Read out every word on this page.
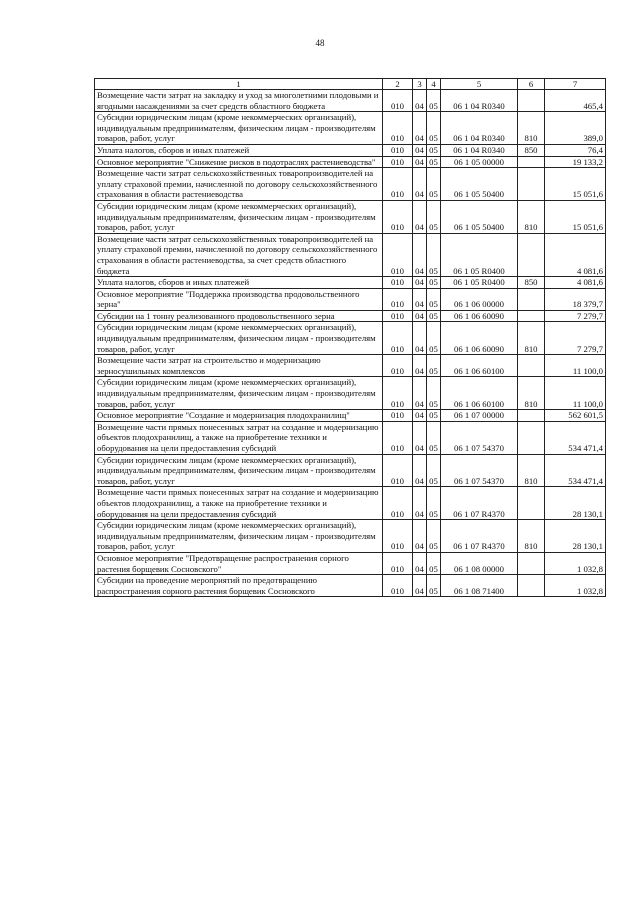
48
1	2	3	4	5	6	7
Возмещение части затрат на закладку и уход за многолетними плодовыми и ягодными насаждениями за счет средств областного бюджета	010	04	05	06 1 04 R0340		465,4
Субсидии юридическим лицам (кроме некоммерческих организаций), индивидуальным предпринимателям, физическим лицам - производителям товаров, работ, услуг	010	04	05	06 1 04 R0340	810	389,0
Уплата налогов, сборов и иных платежей	010	04	05	06 1 04 R0340	850	76,4
Основное мероприятие "Снижение рисков в подотраслях растениеводства"	010	04	05	06 1 05 00000		19 133,2
Возмещение части затрат сельскохозяйственных товаропроизводителей на уплату страховой премии, начисленной по договору сельскохозяйственного страхования в области растениеводства	010	04	05	06 1 05 50400		15 051,6
Субсидии юридическим лицам (кроме некоммерческих организаций), индивидуальным предпринимателям, физическим лицам - производителям товаров, работ, услуг	010	04	05	06 1 05 50400	810	15 051,6
Возмещение части затрат сельскохозяйственных товаропроизводителей на уплату страховой премии, начисленной по договору сельскохозяйственного страхования в области растениеводства, за счет средств областного бюджета	010	04	05	06 1 05 R0400		4 081,6
Уплата налогов, сборов и иных платежей	010	04	05	06 1 05 R0400	850	4 081,6
Основное мероприятие "Поддержка производства продовольственного зерна"	010	04	05	06 1 06 00000		18 379,7
Субсидии на 1 тонну реализованного продовольственного зерна	010	04	05	06 1 06 60090		7 279,7
Субсидии юридическим лицам (кроме некоммерческих организаций), индивидуальным предпринимателям, физическим лицам - производителям товаров, работ, услуг	010	04	05	06 1 06 60090	810	7 279,7
Возмещение части затрат на строительство и модернизацию зерносушильных комплексов	010	04	05	06 1 06 60100		11 100,0
Субсидии юридическим лицам (кроме некоммерческих организаций), индивидуальным предпринимателям, физическим лицам - производителям товаров, работ, услуг	010	04	05	06 1 06 60100	810	11 100,0
Основное мероприятие "Создание и модернизация плодохранилищ"	010	04	05	06 1 07 00000		562 601,5
Возмещение части прямых понесенных затрат на создание и модернизацию объектов плодохранилищ, а также на приобретение техники и оборудования на цели предоставления субсидий	010	04	05	06 1 07 54370		534 471,4
Субсидии юридическим лицам (кроме некоммерческих организаций), индивидуальным предпринимателям, физическим лицам - производителям товаров, работ, услуг	010	04	05	06 1 07 54370	810	534 471,4
Возмещение части прямых понесенных затрат на создание и модернизацию объектов плодохранилищ, а также на приобретение техники и оборудования на цели предоставления субсидий	010	04	05	06 1 07 R4370		28 130,1
Субсидии юридическим лицам (кроме некоммерческих организаций), индивидуальным предпринимателям, физическим лицам - производителям товаров, работ, услуг	010	04	05	06 1 07 R4370	810	28 130,1
Основное мероприятие "Предотвращение распространения сорного растения борщевик Сосновского"	010	04	05	06 1 08 00000		1 032,8
Субсидии на проведение мероприятий по предотвращению распространения сорного растения борщевик Сосновского	010	04	05	06 1 08 71400		1 032,8
